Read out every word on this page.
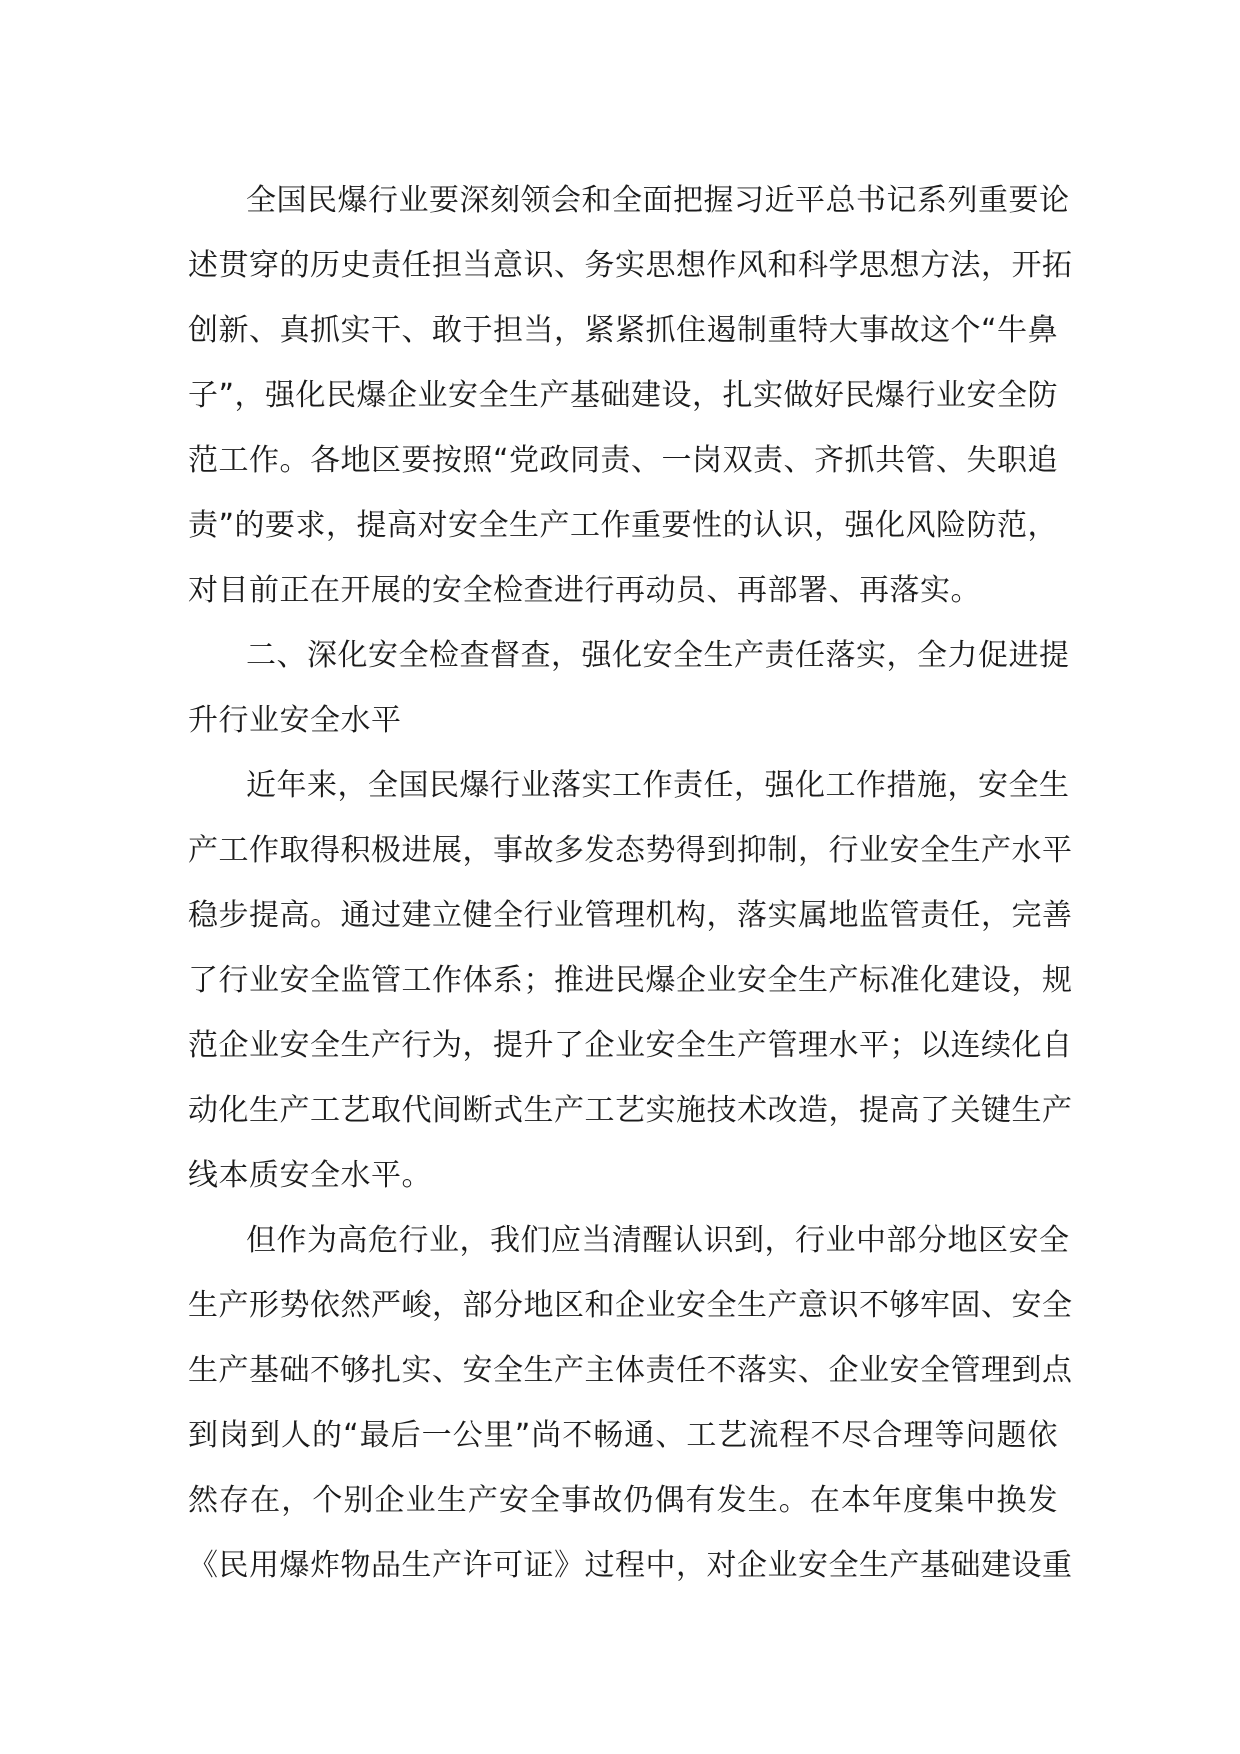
全国民爆行业要深刻领会和全面把握习近平总书记系列重要论
述贯穿的历史责任担当意识、务实思想作风和科学思想方法，开拓
创新、真抓实干、敢于担当，紧紧抓住遏制重特大事故这个“牛鼻
子”，强化民爆企业安全生产基础建设，扎实做好民爆行业安全防
范工作。各地区要按照“党政同责、一岗双责、齐抓共管、失职追
责”的要求，提高对安全生产工作重要性的认识，强化风险防范，
对目前正在开展的安全检查进行再动员、再部署、再落实。
二、深化安全检查督查，强化安全生产责任落实，全力促进提
升行业安全水平
近年来，全国民爆行业落实工作责任，强化工作措施，安全生
产工作取得积极进展，事故多发态势得到抑制，行业安全生产水平
稳步提高。通过建立健全行业管理机构，落实属地监管责任，完善
了行业安全监管工作体系；推进民爆企业安全生产标准化建设，规
范企业安全生产行为，提升了企业安全生产管理水平；以连续化自
动化生产工艺取代间断式生产工艺实施技术改造，提高了关键生产
线本质安全水平。
但作为高危行业，我们应当清醒认识到，行业中部分地区安全
生产形势依然严峻，部分地区和企业安全生产意识不够牢固、安全
生产基础不够扎实、安全生产主体责任不落实、企业安全管理到点
到岗到人的“最后一公里”尚不畅通、工艺流程不尽合理等问题依
然存在，个别企业生产安全事故仍偶有发生。在本年度集中换发
《民用爆炸物品生产许可证》过程中，对企业安全生产基础建设重
